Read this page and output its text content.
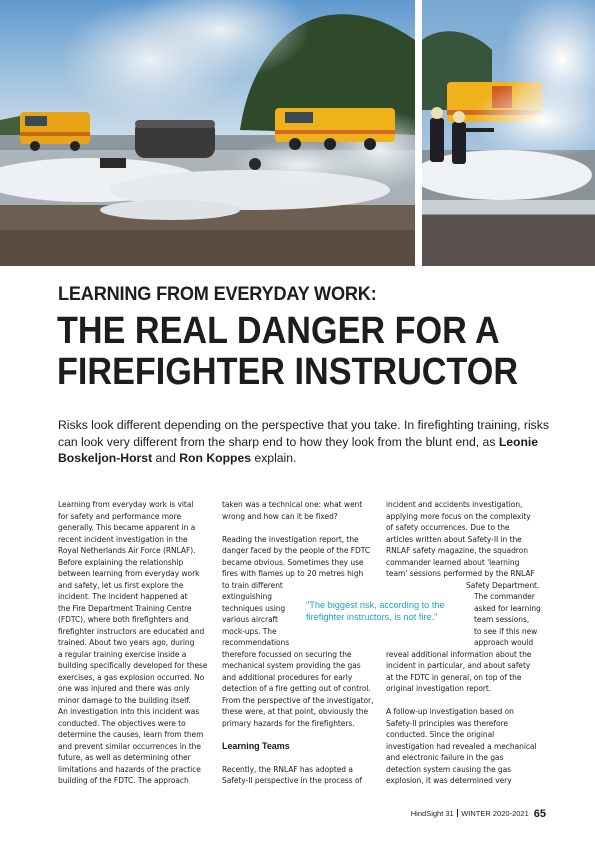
LEARNING FROM EVERYDAY WORK:
THE REAL DANGER FOR A
FIREFIGHTER INSTRUCTOR
Risks look different depending on the perspective that you take. In firefighting training, risks
can look very different from the sharp end to how they look from the blunt end, as Leonie
Boskeljon-Horst and Ron Koppes explain.

Learning from everyday work is vital

for safety and performance more

generally. This became apparent in a

recent incident investigation in the

Royal Netherlands Air Force (RNLAF).

Before explaining the relationship

between learning from everyday work

and safety, let us first explore the

incident. The incident happened at

the Fire Department Training Centre

(FDTC), where both firefighters and

firefighter instructors are educated and

trained. About two years ago, during

a regular training exercise inside a

building specifically developed for these

exercises, a gas explosion occurred. No

one was injured and there was only

minor damage to the building itself.

An investigation into this incident was

conducted. The objectives were to

determine the causes, learn from them

and prevent similar occurrences in the

future, as well as determining other

limitations and hazards of the practice

building of the FDTC. The approach

taken was a technical one: what went

wrong and how can it be fixed?

Reading the investigation report, the

danger faced by the people of the FDTC

became obvious. Sometimes they use

fires with flames up to 20 metres high

to train different

extinguishing

techniques using

various aircraft

mock-ups. The

recommendations

therefore focussed on securing the

mechanical system providing the gas

and additional procedures for early

detection of a fire getting out of control.

From the perspective of the investigator,

these were, at that point, obviously the

primary hazards for the firefighters.

Learning Teams

Recently, the RNLAF has adopted a

Safety-II perspective in the process of

incident and accidents investigation,

applying more focus on the complexity

of safety occurrences. Due to the

articles written about Safety-II in the

RNLAF safety magazine, the squadron

commander learned about 'learning

team' sessions performed by the RNLAF

Safety Department.

The commander

asked for learning

team sessions,

to see if this new

approach would

reveal additional information about the

incident in particular, and about safety

at the FDTC in general, on top of the

original investigation report.

A follow-up investigation based on

Safety-II principles was therefore

conducted. Since the original

investigation had revealed a mechanical

and electronic failure in the gas

detection system causing the gas

explosion, it was determined very

"The biggest risk, according to the firefighter instructors, is not fire."
HindSight 31 WINTER 2020-2021 65
